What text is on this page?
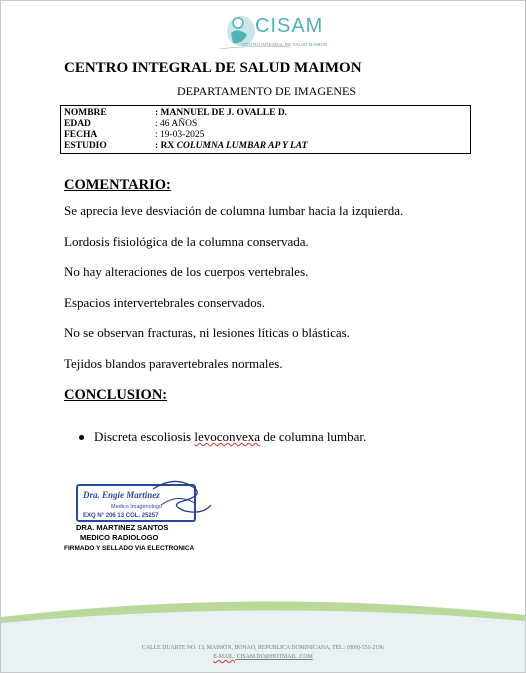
CISAM
CENTRO INTEGRAL DE SALUD MAIMON
CENTRO INTEGRAL DE SALUD MAIMON
DEPARTAMENTO DE IMAGENES
NOMBRE	: MANNUEL DE J. OVALLE D.
EDAD	: 46 AÑOS
FECHA	: 19-03-2025
ESTUDIO	: RX COLUMNA LUMBAR AP Y LAT
COMENTARIO:
Se aprecia leve desviación de columna lumbar hacia la izquierda.
Lordosis fisiológica de la columna conservada.
No hay alteraciones de los cuerpos vertebrales.
Espacios intervertebrales conservados.
No se observan fracturas, ni lesiones líticas o blásticas.
Tejidos blandos paravertebrales normales.
CONCLUSION:
Discreta escoliosis levoconvexa de columna lumbar.
Dra. Engie Martinez
Medico Imagenologo
EXQ N° 206 13 COL. 25257
DRA. MARTINEZ SANTOS
MEDICO RADIOLOGO
FIRMADO Y SELLADO VIA ELECTRONICA
CALLE DUARTE NO. 13, MAIMÓN, BONAO, REPUBLICA DOMINICANA, TEL.: (809)-551-2196
E-MAIL: CISAM.DO@HOTMAIL .COM
